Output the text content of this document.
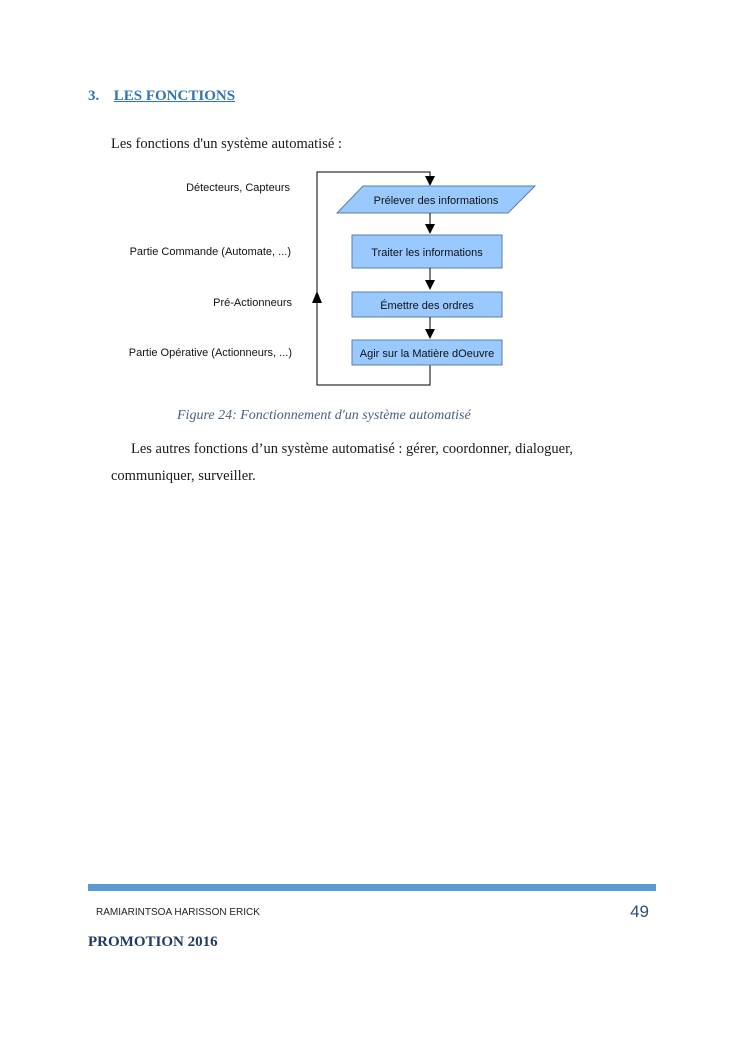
3. LES FONCTIONS
Les fonctions d'un système automatisé :
Détecteurs, Capteurs
Partie Commande (Automate, ...)
Pré-Actionneurs
Partie Opérative (Actionneurs, ...)
Prélever des informations
Traiter les informations
Émettre des ordres
Agir sur la Matière dOeuvre
Figure 24: Fonctionnement d'un système automatisé
Les autres fonctions d’un système automatisé : gérer, coordonner, dialoguer, communiquer, surveiller.
RAMIARINTSOA HARISSON ERICK	49
PROMOTION 2016
